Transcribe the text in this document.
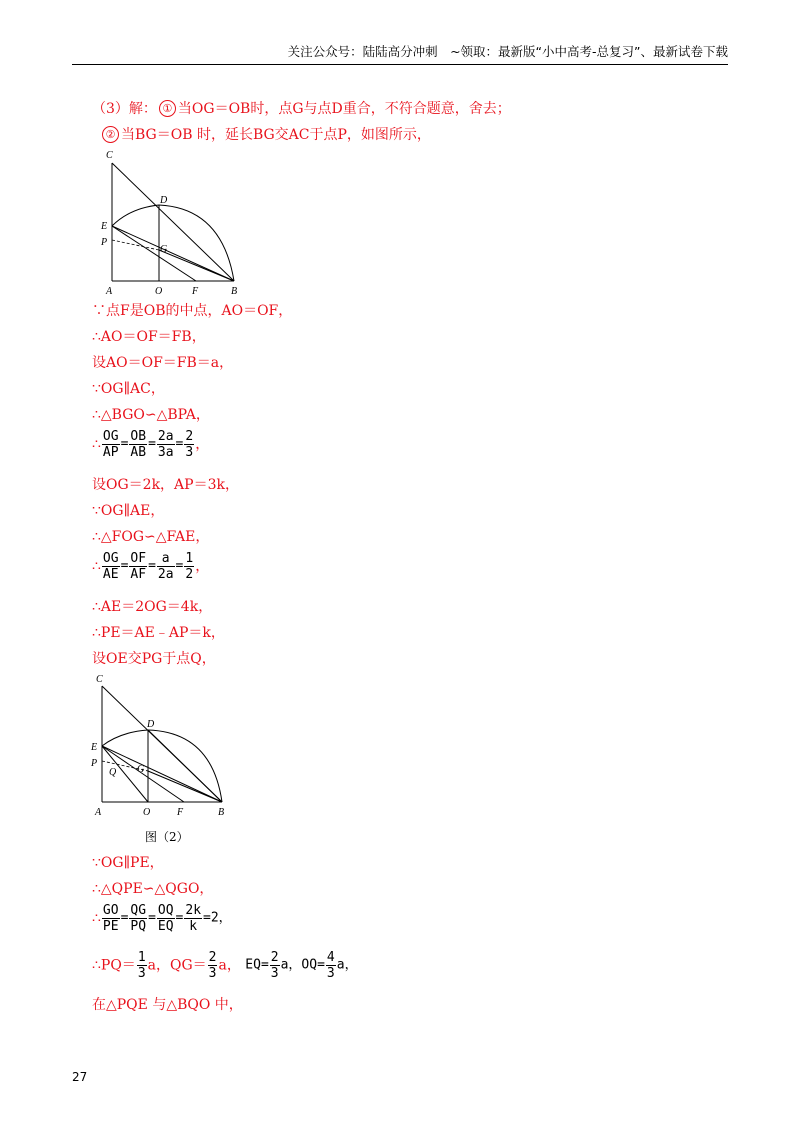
关注公众号：陆陆高分冲刺　~领取：最新版“小中高考-总复习”、最新试卷下载
（3）解： ① 当OG＝OB时，点G与点D重合，不符合题意，舍去；
② 当BG＝OB 时，延长BG交AC于点P，如图所示，
C
D
E
P
G
A	O	F	B
∵点F是OB的中点，AO＝OF，
∴AO＝OF＝FB，
设AO＝OF＝FB＝a，
∵OG∥AC，
∴△BGO∽△BPA，
∴ $\frac{OG}{AP} = \frac{OB}{AB} = \frac{2a}{3a} = \frac{2}{3}$ ，
设OG＝2k，AP＝3k，
∵OG∥AE，
∴△FOG∽△FAE，
∴ $\frac{OG}{AE} = \frac{OF}{AF} = \frac{a}{2a} = \frac{1}{2}$ ，
∴AE＝2OG＝4k，
∴PE＝AE﹣AP＝k，
设OE交PG于点Q，
C
D
E
P
Q G
A	O	F	B
图（2）
∵OG∥PE，
∴△QPE∽△QGO，
∴ $\frac{GO}{PE} = \frac{QG}{PQ} = \frac{OQ}{EQ} = \frac{2k}{k} =2$，
∴PQ＝ $\frac{1}{3}$ a，$QG= \frac{2}{3}$ a， $EQ= \frac{2}{3}$ a，$OQ= \frac{4}{3}$ a，
在△PQE 与△BQO 中，
27
